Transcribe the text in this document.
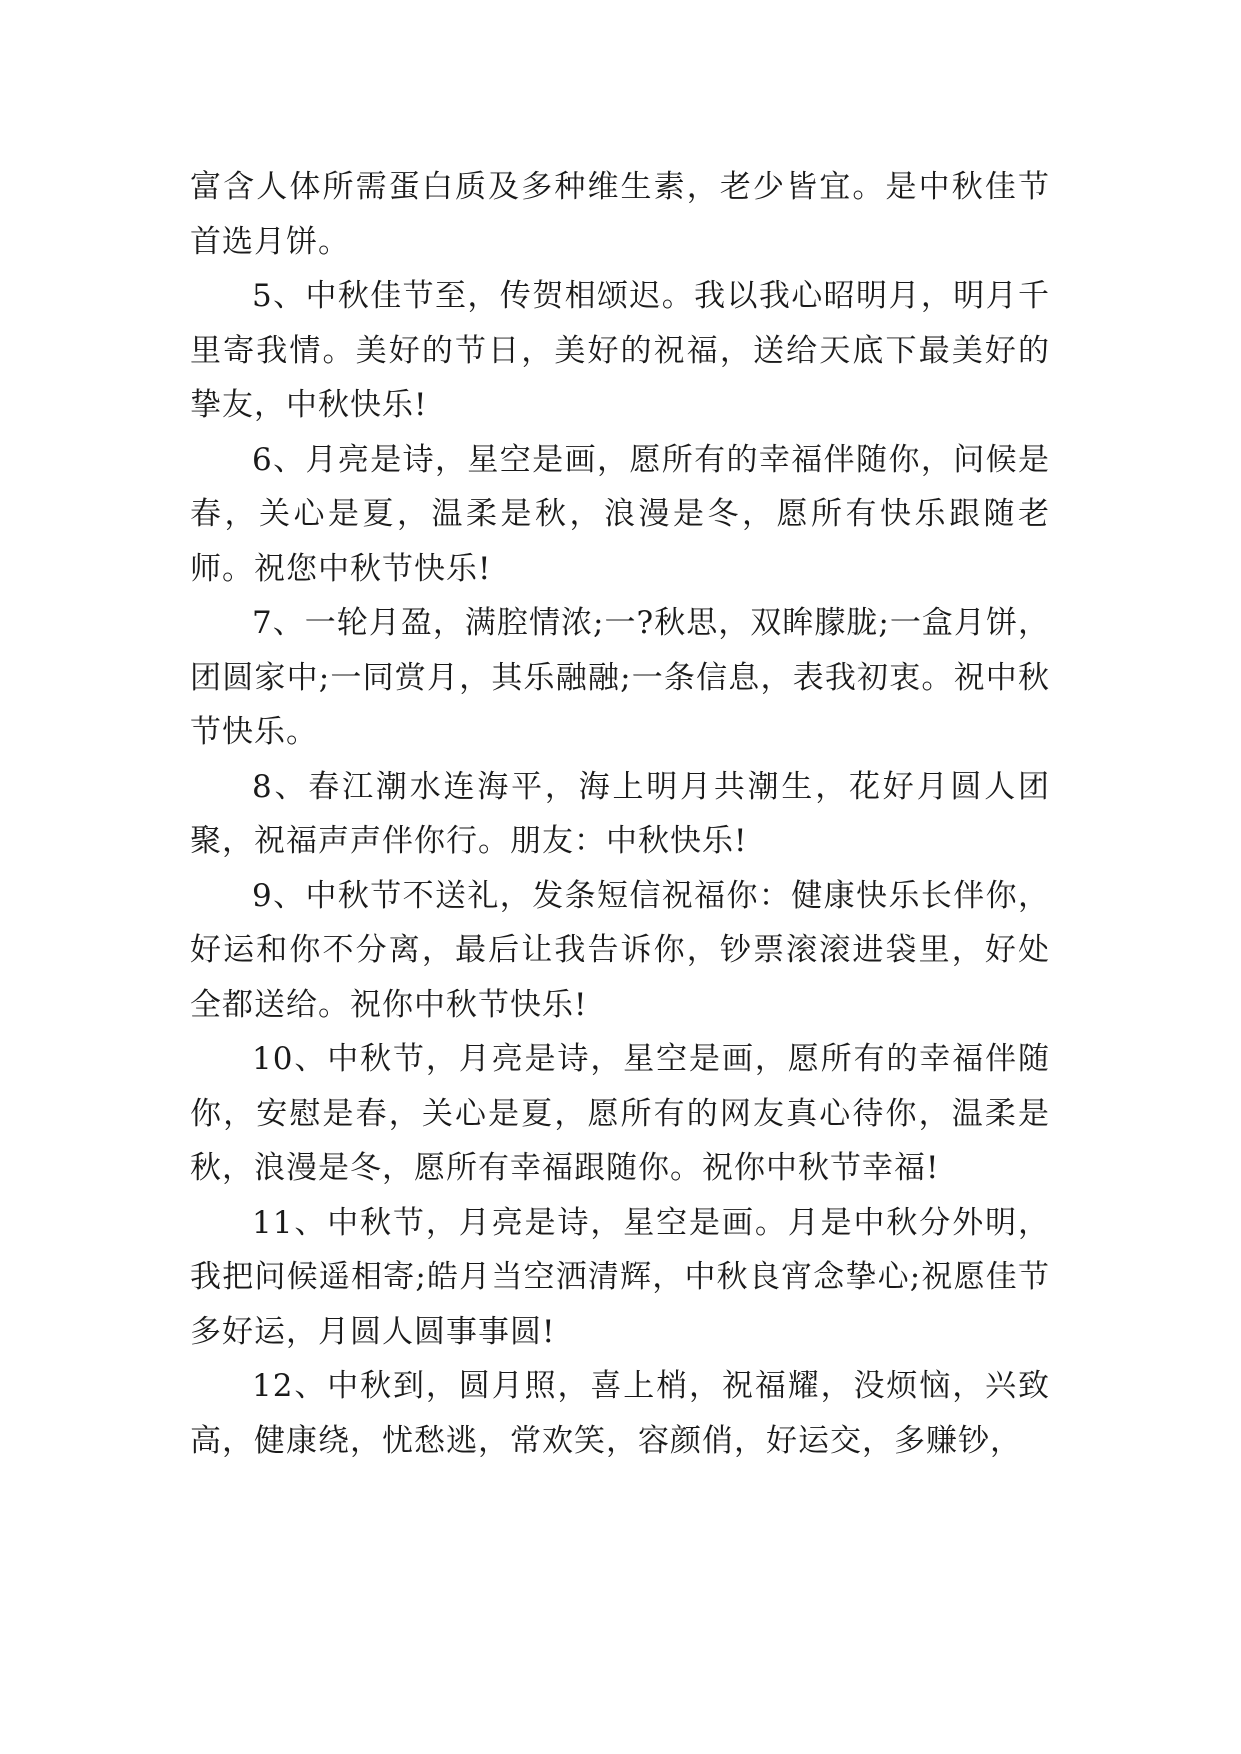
富含人体所需蛋白质及多种维生素，老少皆宜。是中秋佳节首选月饼。

5、中秋佳节至，传贺相颂迟。我以我心昭明月，明月千里寄我情。美好的节日，美好的祝福，送给天底下最美好的挚友，中秋快乐!

6、月亮是诗，星空是画，愿所有的幸福伴随你，问候是春，关心是夏，温柔是秋，浪漫是冬，愿所有快乐跟随老师。祝您中秋节快乐!

7、一轮月盈，满腔情浓;一?秋思，双眸朦胧;一盒月饼，团圆家中;一同赏月，其乐融融;一条信息，表我初衷。祝中秋节快乐。

8、春江潮水连海平，海上明月共潮生，花好月圆人团聚，祝福声声伴你行。朋友：中秋快乐!

9、中秋节不送礼，发条短信祝福你：健康快乐长伴你，好运和你不分离，最后让我告诉你，钞票滚滚进袋里，好处全都送给。祝你中秋节快乐!

10、中秋节，月亮是诗，星空是画，愿所有的幸福伴随你，安慰是春，关心是夏，愿所有的网友真心待你，温柔是秋，浪漫是冬，愿所有幸福跟随你。祝你中秋节幸福!

11、中秋节，月亮是诗，星空是画。月是中秋分外明，我把问候遥相寄;皓月当空洒清辉，中秋良宵念挚心;祝愿佳节多好运，月圆人圆事事圆!

12、中秋到，圆月照，喜上梢，祝福耀，没烦恼，兴致高，健康绕，忧愁逃，常欢笑，容颜俏，好运交，多赚钞，
